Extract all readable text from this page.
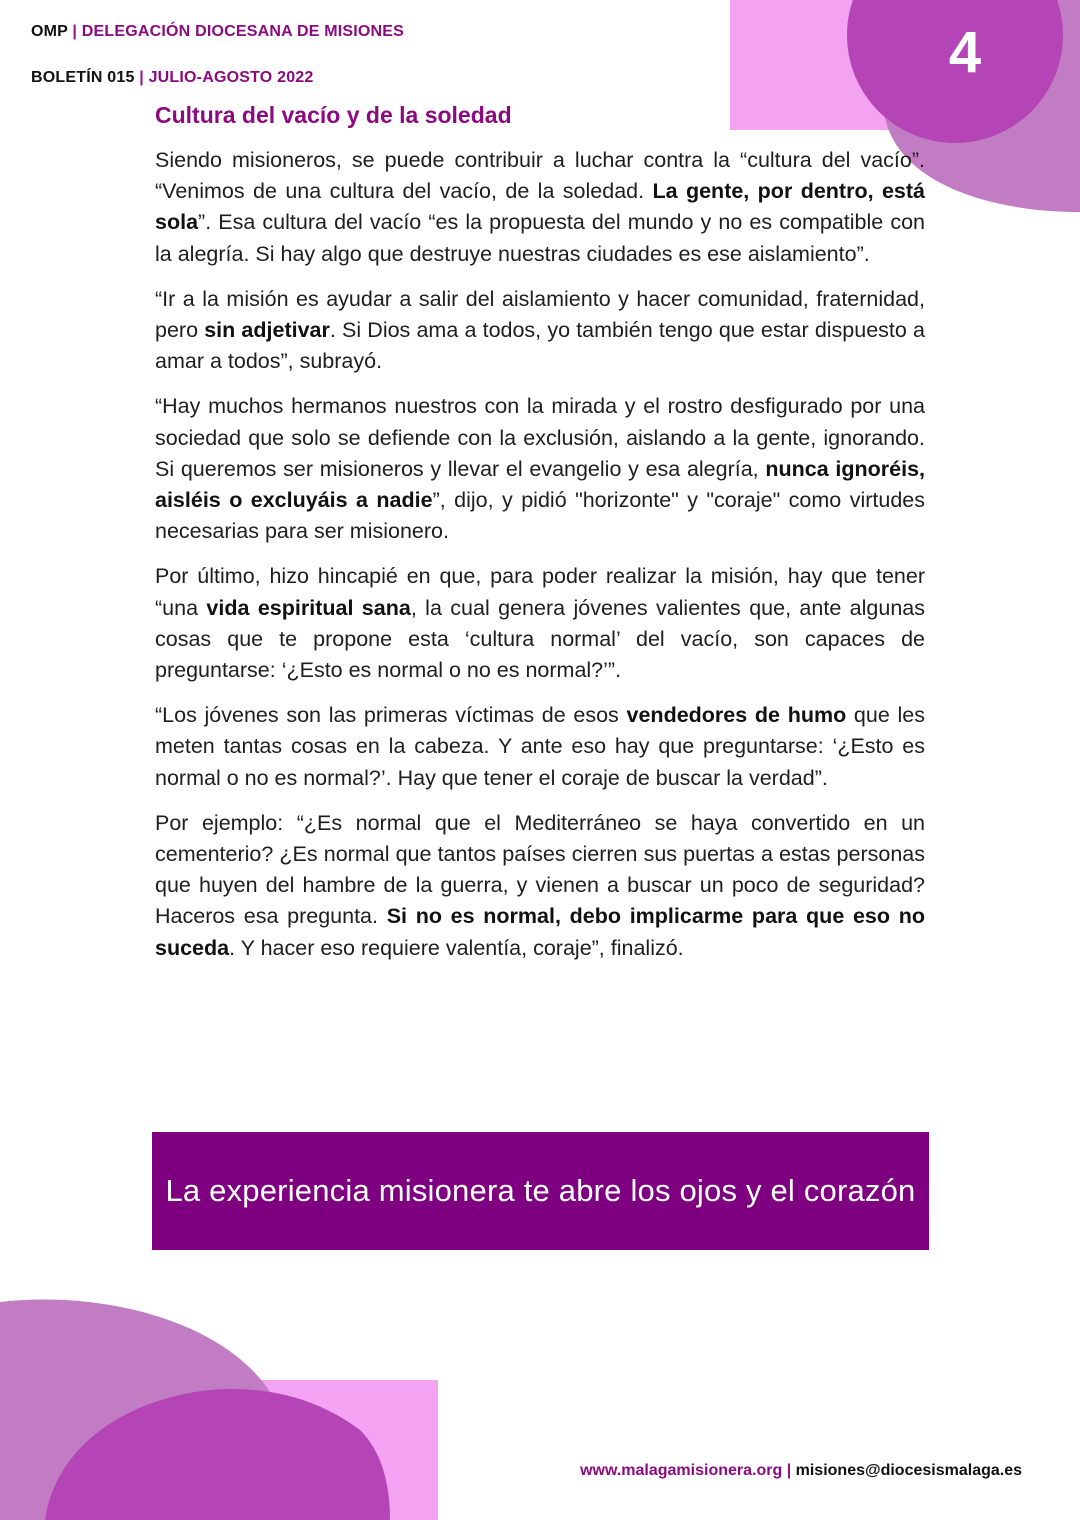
OMP | DELEGACIÓN DIOCESANA DE MISIONES
BOLETÍN 015 | JULIO-AGOSTO 2022	4
Cultura del vacío y de la soledad

Siendo misioneros, se puede contribuir a luchar contra la “cultura del vacío”. “Venimos de una cultura del vacío, de la soledad. La gente, por dentro, está sola”. Esa cultura del vacío “es la propuesta del mundo y no es compatible con la alegría. Si hay algo que destruye nuestras ciudades es ese aislamiento”.

“Ir a la misión es ayudar a salir del aislamiento y hacer comunidad, fraternidad, pero sin adjetivar. Si Dios ama a todos, yo también tengo que estar dispuesto a amar a todos”, subrayó.

“Hay muchos hermanos nuestros con la mirada y el rostro desfigurado por una sociedad que solo se defiende con la exclusión, aislando a la gente, ignorando. Si queremos ser misioneros y llevar el evangelio y esa alegría, nunca ignoréis, aisléis o excluyáis a nadie”, dijo, y pidió "horizonte" y "coraje" como virtudes necesarias para ser misionero.

Por último, hizo hincapié en que, para poder realizar la misión, hay que tener “una vida espiritual sana, la cual genera jóvenes valientes que, ante algunas cosas que te propone esta ‘cultura normal’ del vacío, son capaces de preguntarse: ‘¿Esto es normal o no es normal?’”.

“Los jóvenes son las primeras víctimas de esos vendedores de humo que les meten tantas cosas en la cabeza. Y ante eso hay que preguntarse: ‘¿Esto es normal o no es normal?’. Hay que tener el coraje de buscar la verdad”.

Por ejemplo: “¿Es normal que el Mediterráneo se haya convertido en un cementerio? ¿Es normal que tantos países cierren sus puertas a estas personas que huyen del hambre de la guerra, y vienen a buscar un poco de seguridad? Haceros esa pregunta. Si no es normal, debo implicarme para que eso no suceda. Y hacer eso requiere valentía, coraje”, finalizó.

La experiencia misionera te abre los ojos y el corazón
www.malagamisionera.org | misiones@diocesismalaga.es
